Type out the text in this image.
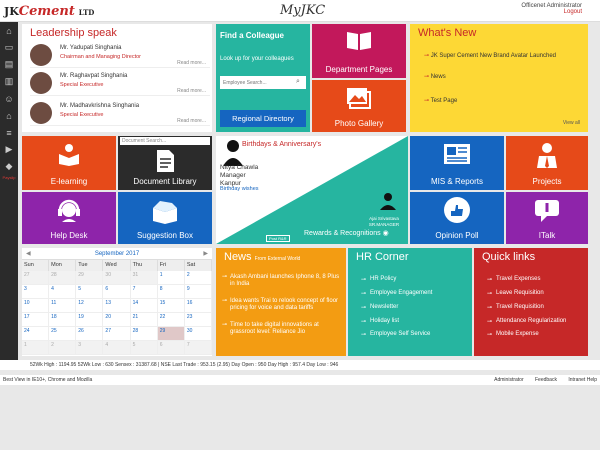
JKCement LTD	MyJKC	Officenet Administrator
Logout
⌂
▭
▤
▥
☺
⌂
≡
▶
◆
Payslip
Leadership speak
Mr. Yadupati Singhania
Chairman and Managing Director
Read more...
Mr. Raghavpat Singhania
Special Executive
Read more...
Mr. Madhavkrishna Singhania
Special Executive
Read more...
Find a Colleague
Look up for your colleagues
Employee Search...
⌕
Regional Directory
Department Pages
Photo Gallery
What's New
⊸ JK Super Cement New Brand Avatar Launched
⊸ News
⊸ Test Page
View all
E-learning
Document Search...
Document Library
Help Desk	Suggestion Box
Birthdays & Anniversary's
Nitya Chawla
Manager
Kanpur
Birthday wishes
Ajai Srivastava
SR.MANAGER
Post R&R
Rewards & Recognitions ◉
MIS & Reports	Projects
Opinion Poll	ITalk
September 2017
◀	▶
Sun	Mon	Tue	Wed	Thu	Fri	Sat
27	28	29	30	31	1	2
3	4	5	6	7	8	9
10	11	12	13	14	15	16
17	18	19	20	21	22	23
24	25	26	27	28	29	30
1	2	3	4	5	6	7
News From External World
⊸ Akash Ambani launches Iphone 8, 8 Plus in India
⊸ Idea wants Trai to relook concept of floor pricing for voice and data tariffs
⊸ Time to take digital innovations at grassroot level: Reliance Jio
HR Corner
⊸ HR Policy
⊸ Employee Engagement
⊸ Newsletter
⊸ Holiday list
⊸ Employee Self Service
Quick links
⊸ Travel Expenses
⊸ Leave Requisition
⊸ Travel Requisition
⊸ Attendance Regularization
⊸ Mobile Expense
52Wk High : 1194.95 52Wk Low : 630 Sensex : 31387.68 | NSE Last Trade : 953.15 (2.95) Day Open : 950 Day High : 957.4 Day Low : 946
Best View in IE10+, Chrome and Mozilla	Administrator Feedback Intranet Help
